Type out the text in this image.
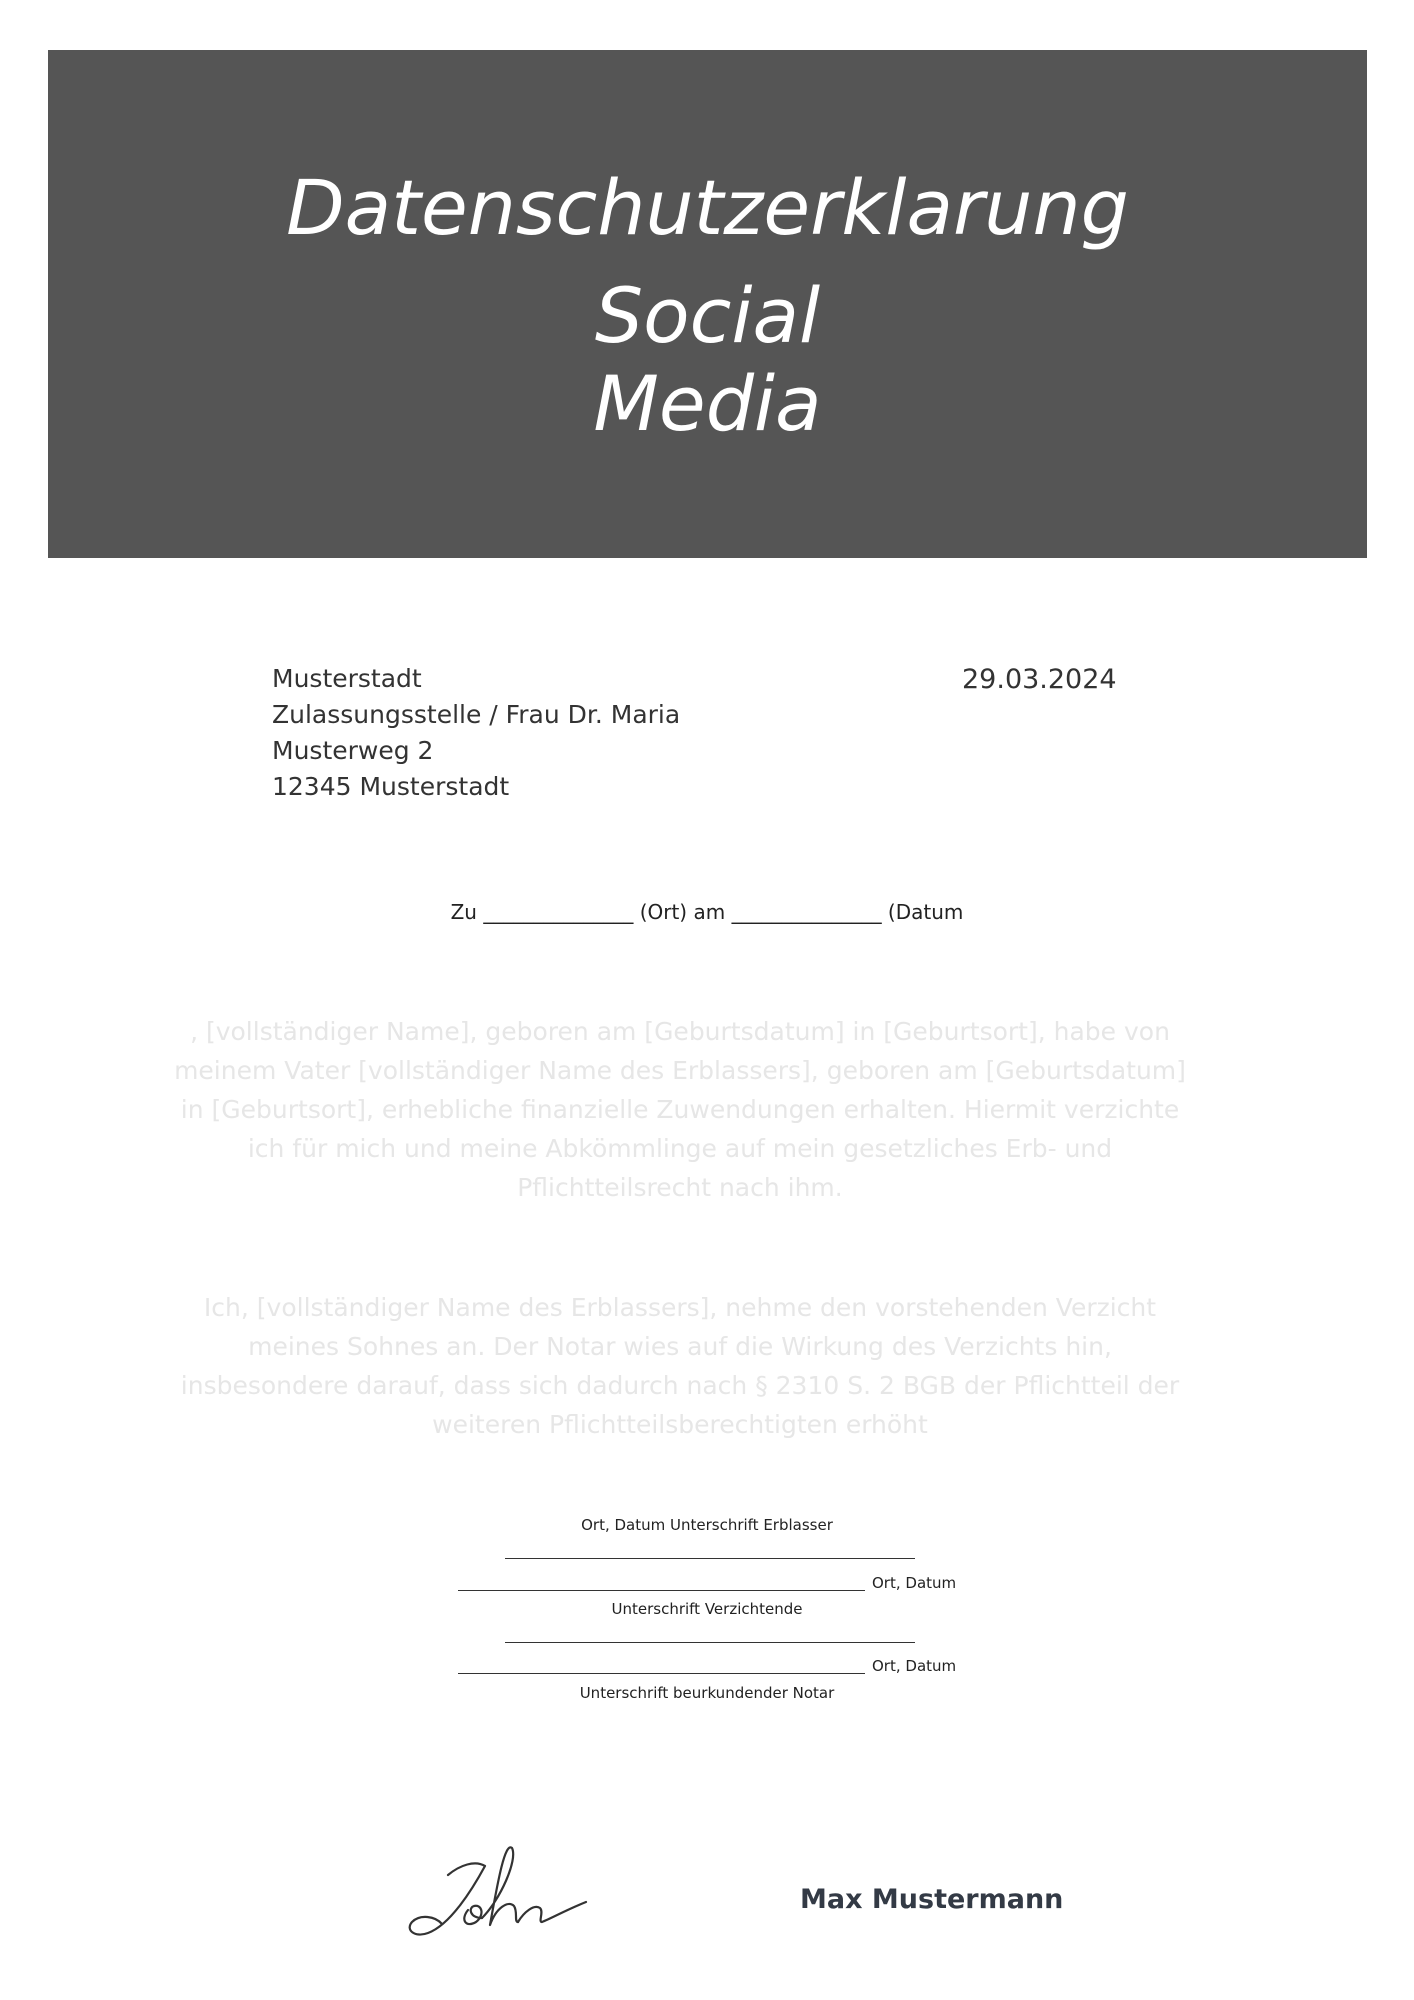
Datenschutzerklarung
Social
Media
Musterstadt
Zulassungsstelle / Frau Dr. Maria
Musterweg 2
12345 Musterstadt
29.03.2024
Zu _______________ (Ort) am _______________ (Datum
, [vollständiger Name], geboren am [Geburtsdatum] in [Geburtsort], habe von meinem Vater [vollständiger Name des Erblassers], geboren am [Geburtsdatum] in [Geburtsort], erhebliche finanzielle Zuwendungen erhalten. Hiermit verzichte ich für mich und meine Abkömmlinge auf mein gesetzliches Erb- und Pflichtteilsrecht nach ihm.
Ich, [vollständiger Name des Erblassers], nehme den vorstehenden Verzicht meines Sohnes an. Der Notar wies auf die Wirkung des Verzichts hin, insbesondere darauf, dass sich dadurch nach § 2310 S. 2 BGB der Pflichtteil der weiteren Pflichtteilsberechtigten erhöht
Ort, Datum Unterschrift Erblasser
Ort, Datum
Unterschrift Verzichtende
Ort, Datum
Unterschrift beurkundender Notar
Max Mustermann
